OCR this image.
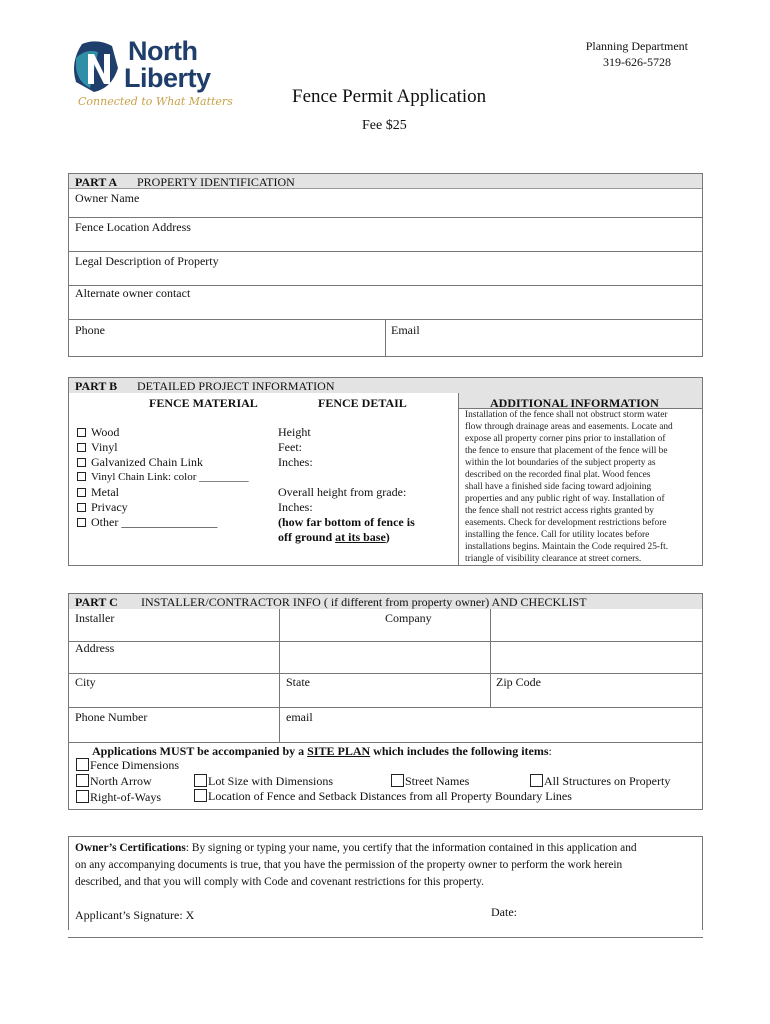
North
Liberty
Connected to What Matters
Planning Department
319-626-5728
Fence Permit Application
Fee $25
PART A PROPERTY IDENTIFICATION
Owner Name
Fence Location Address
Legal Description of Property
Alternate owner contact
Phone	Email
PART B DETAILED PROJECT INFORMATION
FENCE MATERIAL	FENCE DETAIL	ADDITIONAL INFORMATION
Wood
Vinyl
Galvanized Chain Link
Vinyl Chain Link: color _________
Metal
Privacy
Other ________________
Height
Feet:
Inches:
Overall height from grade:
Inches:
(how far bottom of fence is
off ground at its base)
Installation of the fence shall not obstruct storm water
flow through drainage areas and easements. Locate and
expose all property corner pins prior to installation of
the fence to ensure that placement of the fence will be
within the lot boundaries of the subject property as
described on the recorded final plat. Wood fences
shall have a finished side facing toward adjoining
properties and any public right of way. Installation of
the fence shall not restrict access rights granted by
easements. Check for development restrictions before
installing the fence. Call for utility locates before
installations begins. Maintain the Code required 25-ft.
triangle of visibility clearance at street corners.
PART C INSTALLER/CONTRACTOR INFO ( if different from property owner) AND CHECKLIST
Installer	Company
Address
City	State	Zip Code
Phone Number	email
Applications MUST be accompanied by a SITE PLAN which includes the following items:
Fence Dimensions
North Arrow
Right-of-Ways
Lot Size with Dimensions
Location of Fence and Setback Distances from all Property Boundary Lines
Street Names	All Structures on Property
Owner’s Certifications: By signing or typing your name, you certify that the information contained in this application and
on any accompanying documents is true, that you have the permission of the property owner to perform the work herein
described, and that you will comply with Code and covenant restrictions for this property.
Applicant’s Signature: X	Date:
